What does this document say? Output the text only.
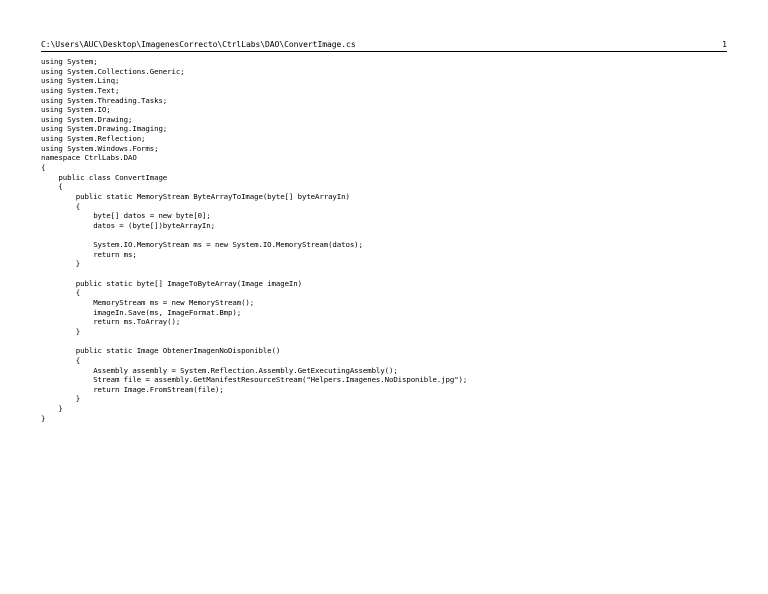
C:\Users\AUC\Desktop\ImagenesCorrecto\CtrlLabs\DAO\ConvertImage.cs	1
using System;
using System.Collections.Generic;
using System.Linq;
using System.Text;
using System.Threading.Tasks;
using System.IO;
using System.Drawing;
using System.Drawing.Imaging;
using System.Reflection;
using System.Windows.Forms;
namespace CtrlLabs.DAO
{
public class ConvertImage
{
public static MemoryStream ByteArrayToImage(byte[] byteArrayIn)
{
byte[] datos = new byte[0];
datos = (byte[])byteArrayIn;
System.IO.MemoryStream ms = new System.IO.MemoryStream(datos);
return ms;
}
public static byte[] ImageToByteArray(Image imageIn)
{
MemoryStream ms = new MemoryStream();
imageIn.Save(ms, ImageFormat.Bmp);
return ms.ToArray();
}
public static Image ObtenerImagenNoDisponible()
{
Assembly assembly = System.Reflection.Assembly.GetExecutingAssembly();
Stream file = assembly.GetManifestResourceStream("Helpers.Imagenes.NoDisponible.jpg");
return Image.FromStream(file);
}
}
}
